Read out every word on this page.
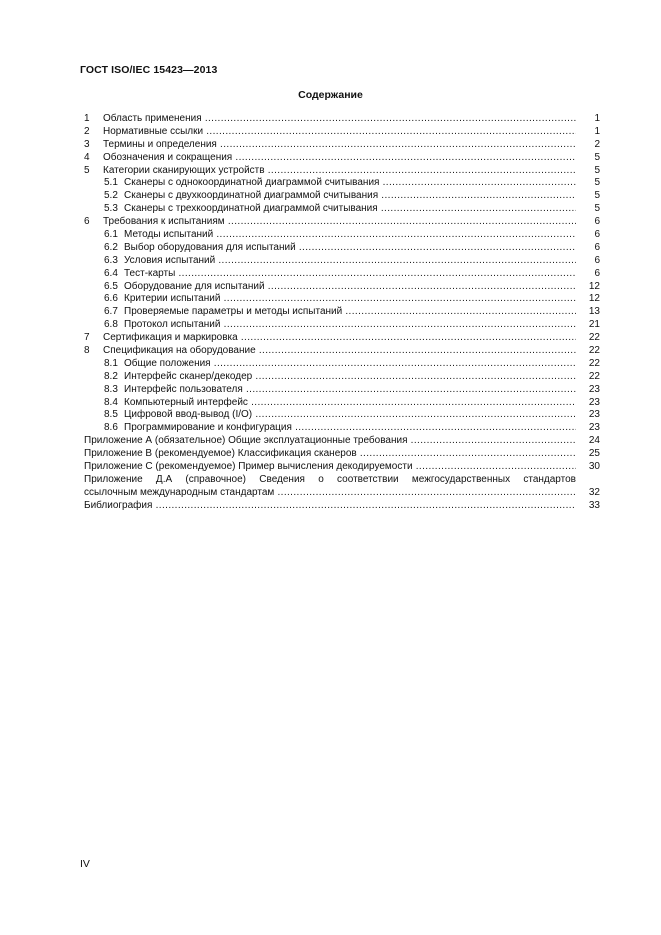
ГОСТ ISO/IEC 15423—2013
Содержание
1 Область применения .....	1
2 Нормативные ссылки .....	1
3 Термины и определения .....	2
4 Обозначения и сокращения .....	5
5 Категории сканирующих устройств .....	5
5.1 Сканеры с однокоординатной диаграммой считывания .....	5
5.2 Сканеры с двухкоординатной диаграммой считывания .....	5
5.3 Сканеры с трехкоординатной диаграммой считывания .....	5
6 Требования к испытаниям .....	6
6.1 Методы испытаний .....	6
6.2 Выбор оборудования для испытаний .....	6
6.3 Условия испытаний .....	6
6.4 Тест-карты .....	6
6.5 Оборудование для испытаний .....	12
6.6 Критерии испытаний .....	12
6.7 Проверяемые параметры и методы испытаний .....	13
6.8 Протокол испытаний .....	21
7 Сертификация и маркировка .....	22
8 Спецификация на оборудование .....	22
8.1 Общие положения .....	22
8.2 Интерфейс сканер/декодер .....	22
8.3 Интерфейс пользователя .....	23
8.4 Компьютерный интерфейс .....	23
8.5 Цифровой ввод-вывод (I/O) .....	23
8.6 Программирование и конфигурация .....	23
Приложение А (обязательное) Общие эксплуатационные требования .....	24
Приложение В (рекомендуемое) Классификация сканеров .....	25
Приложение С (рекомендуемое) Пример вычисления декодируемости .....	30
Приложение Д.А (справочное) Сведения о соответствии межгосударственных стандартов
ссылочным международным стандартам .....	32
Библиография .....	33
IV
